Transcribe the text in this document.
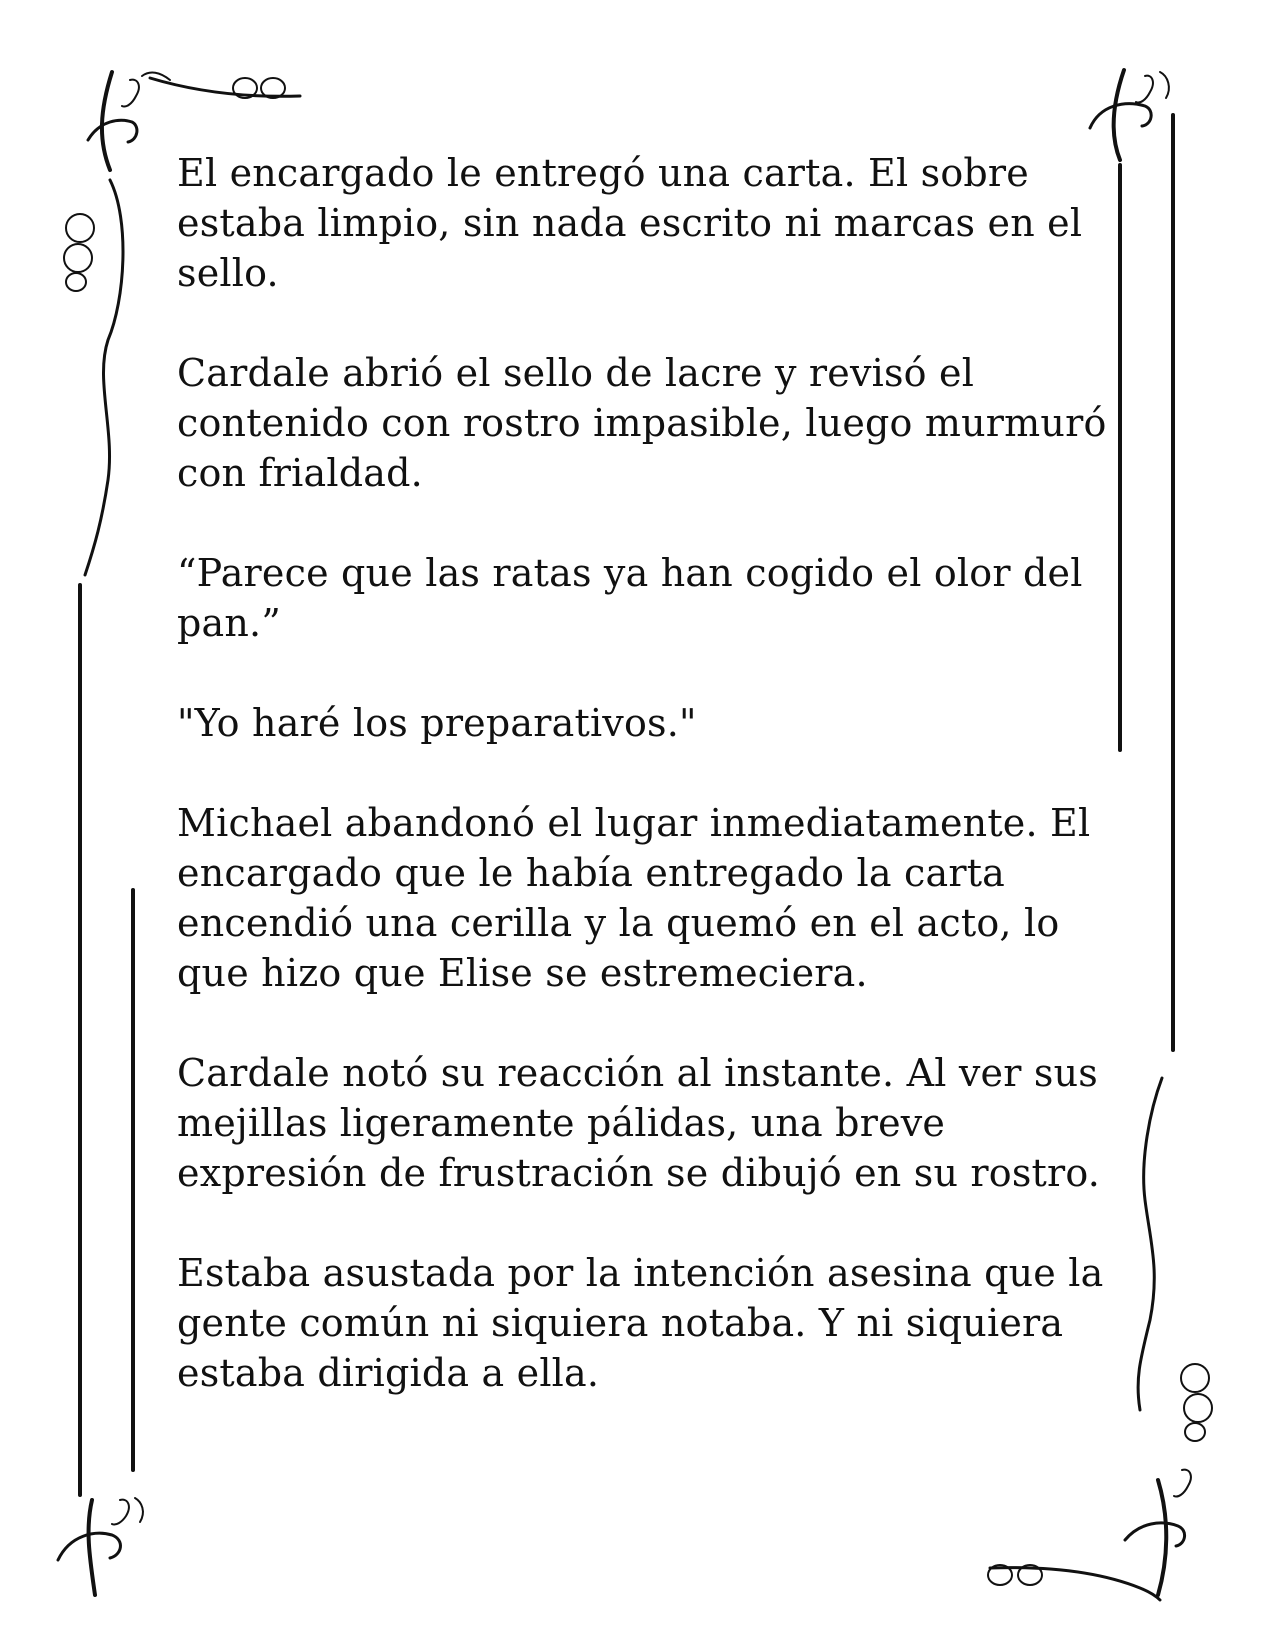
El encargado le entregó una carta. El sobre
estaba limpio, sin nada escrito ni marcas en el
sello.

Cardale abrió el sello de lacre y revisó el
contenido con rostro impasible, luego murmuró
con frialdad.

“Parece que las ratas ya han cogido el olor del
pan.”

"Yo haré los preparativos."

Michael abandonó el lugar inmediatamente. El
encargado que le había entregado la carta
encendió una cerilla y la quemó en el acto, lo
que hizo que Elise se estremeciera.

Cardale notó su reacción al instante. Al ver sus
mejillas ligeramente pálidas, una breve
expresión de frustración se dibujó en su rostro.

Estaba asustada por la intención asesina que la
gente común ni siquiera notaba. Y ni siquiera
estaba dirigida a ella.
